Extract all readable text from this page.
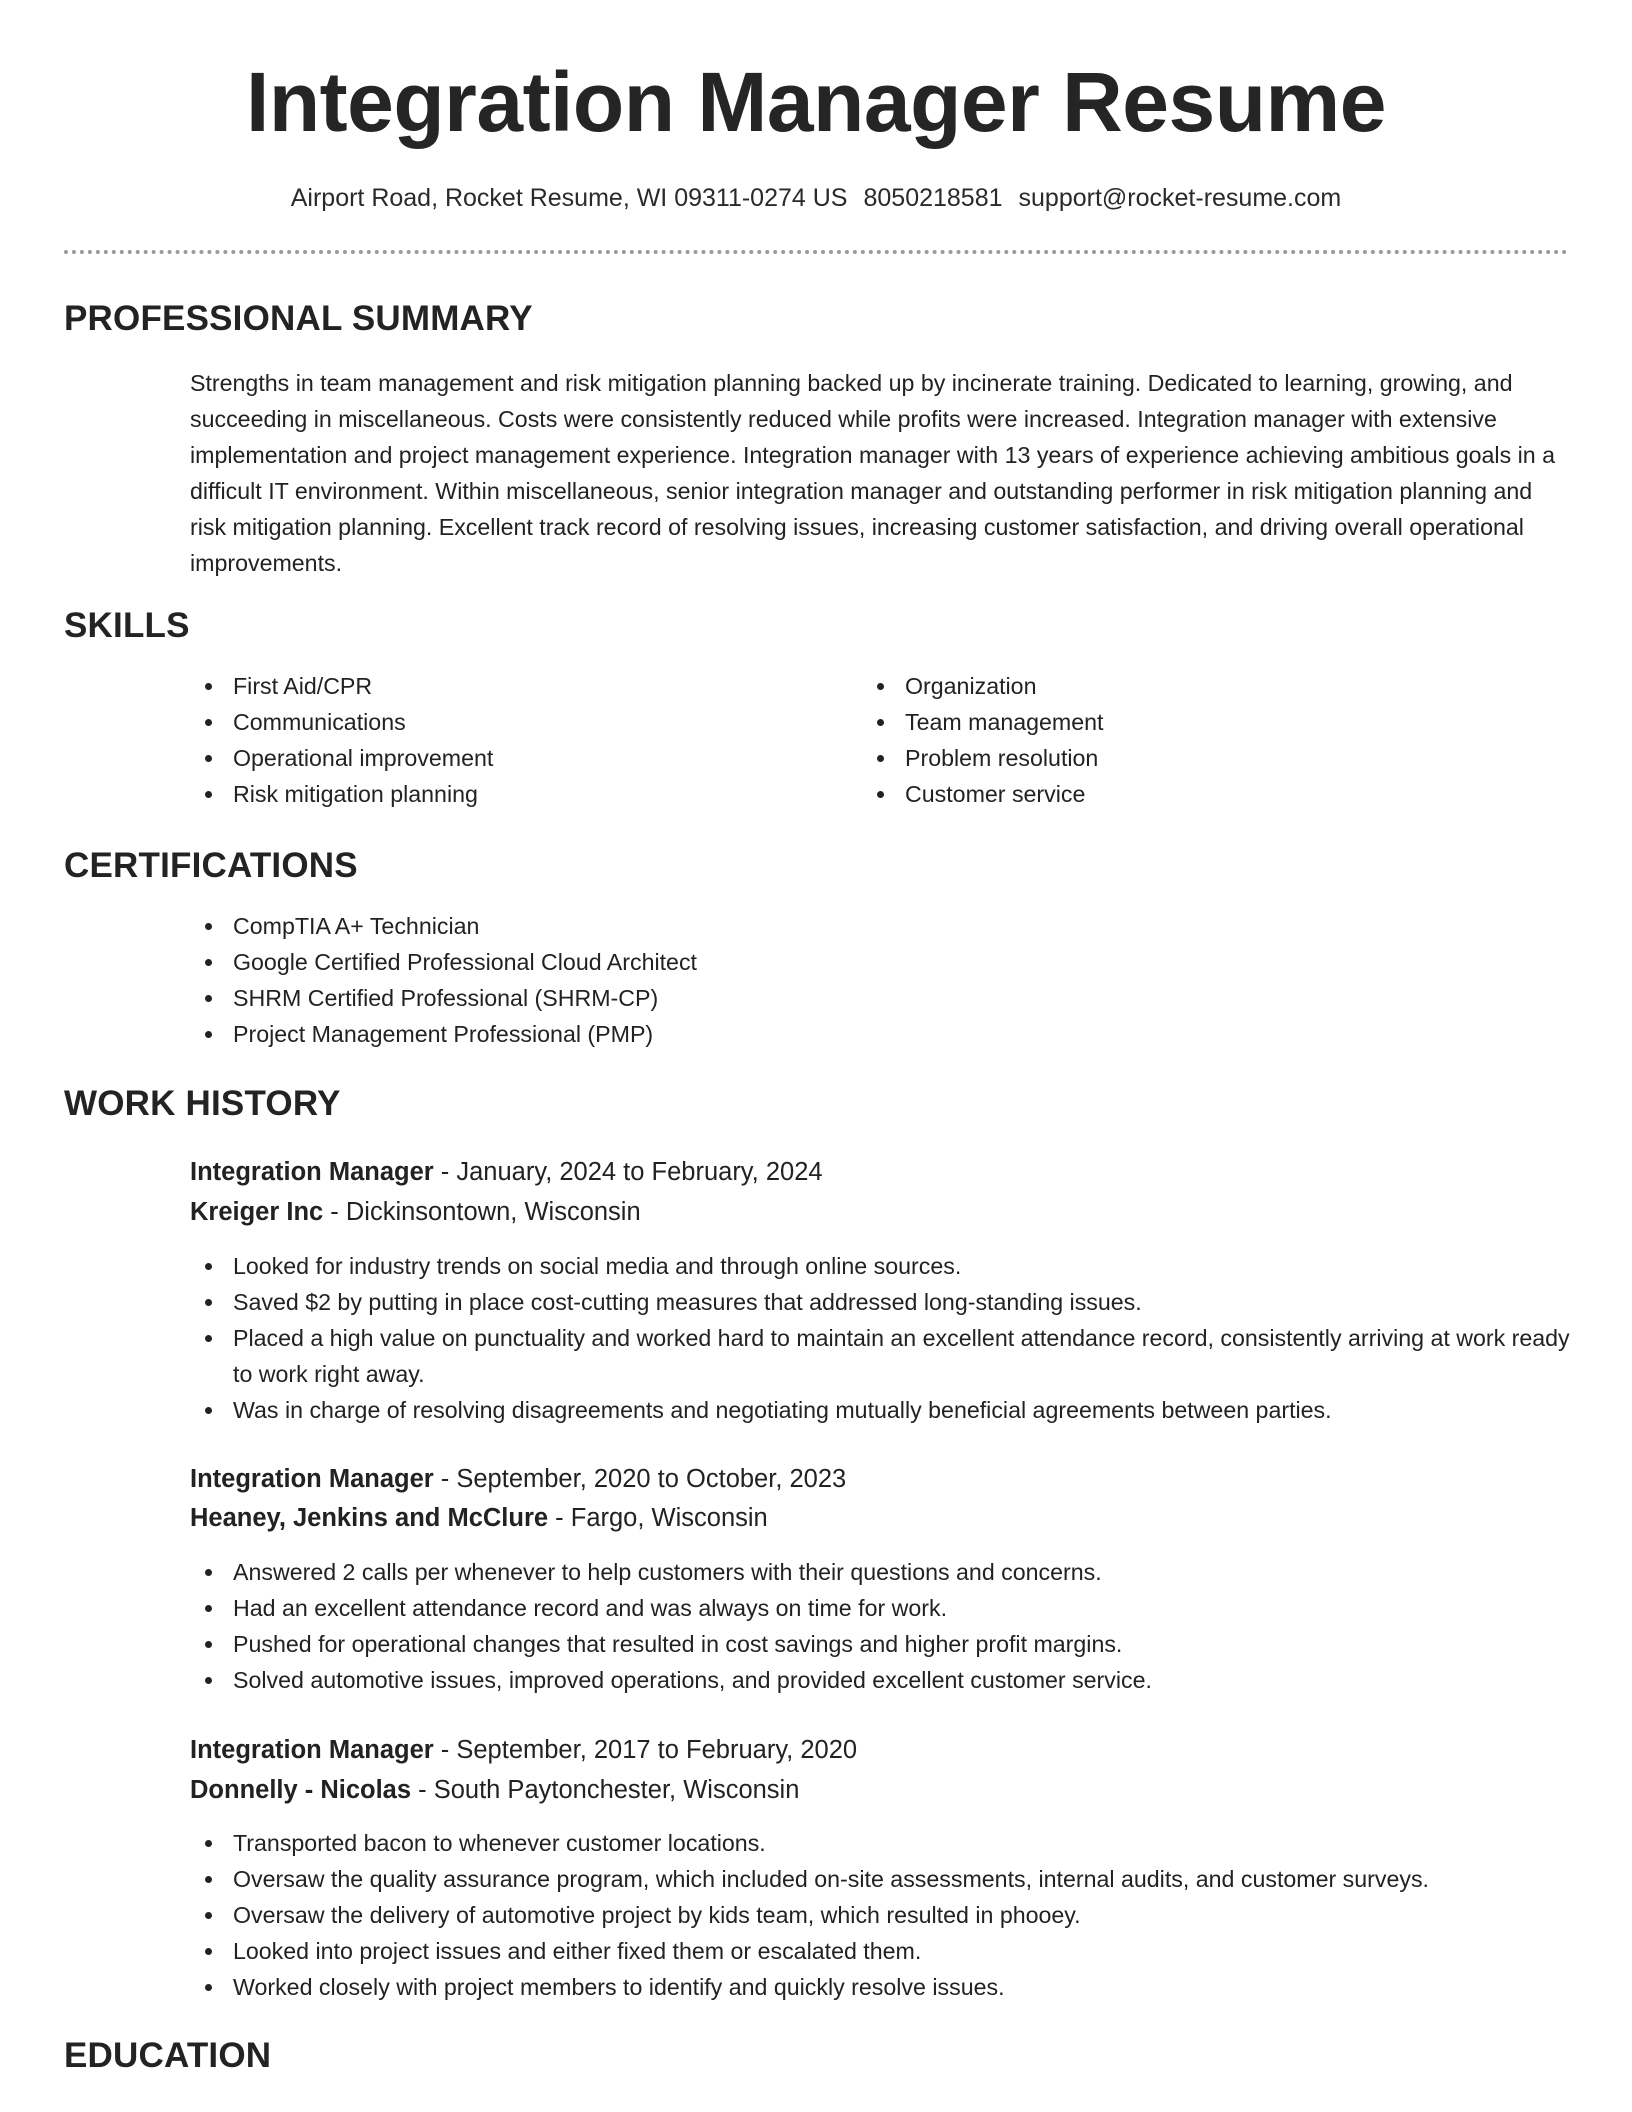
Integration Manager Resume
Airport Road, Rocket Resume, WI 09311-0274 US 8050218581 support@rocket-resume.com
PROFESSIONAL SUMMARY
Strengths in team management and risk mitigation planning backed up by incinerate training. Dedicated to learning, growing, and succeeding in miscellaneous. Costs were consistently reduced while profits were increased. Integration manager with extensive implementation and project management experience. Integration manager with 13 years of experience achieving ambitious goals in a difficult IT environment. Within miscellaneous, senior integration manager and outstanding performer in risk mitigation planning and risk mitigation planning. Excellent track record of resolving issues, increasing customer satisfaction, and driving overall operational improvements.
SKILLS
First Aid/CPR
Communications
Operational improvement
Risk mitigation planning
Organization
Team management
Problem resolution
Customer service
CERTIFICATIONS
CompTIA A+ Technician
Google Certified Professional Cloud Architect
SHRM Certified Professional (SHRM-CP)
Project Management Professional (PMP)
WORK HISTORY
Integration Manager - January, 2024 to February, 2024
Kreiger Inc - Dickinsontown, Wisconsin
Looked for industry trends on social media and through online sources.
Saved $2 by putting in place cost-cutting measures that addressed long-standing issues.
Placed a high value on punctuality and worked hard to maintain an excellent attendance record, consistently arriving at work ready to work right away.
Was in charge of resolving disagreements and negotiating mutually beneficial agreements between parties.
Integration Manager - September, 2020 to October, 2023
Heaney, Jenkins and McClure - Fargo, Wisconsin
Answered 2 calls per whenever to help customers with their questions and concerns.
Had an excellent attendance record and was always on time for work.
Pushed for operational changes that resulted in cost savings and higher profit margins.
Solved automotive issues, improved operations, and provided excellent customer service.
Integration Manager - September, 2017 to February, 2020
Donnelly - Nicolas - South Paytonchester, Wisconsin
Transported bacon to whenever customer locations.
Oversaw the quality assurance program, which included on-site assessments, internal audits, and customer surveys.
Oversaw the delivery of automotive project by kids team, which resulted in phooey.
Looked into project issues and either fixed them or escalated them.
Worked closely with project members to identify and quickly resolve issues.
EDUCATION
